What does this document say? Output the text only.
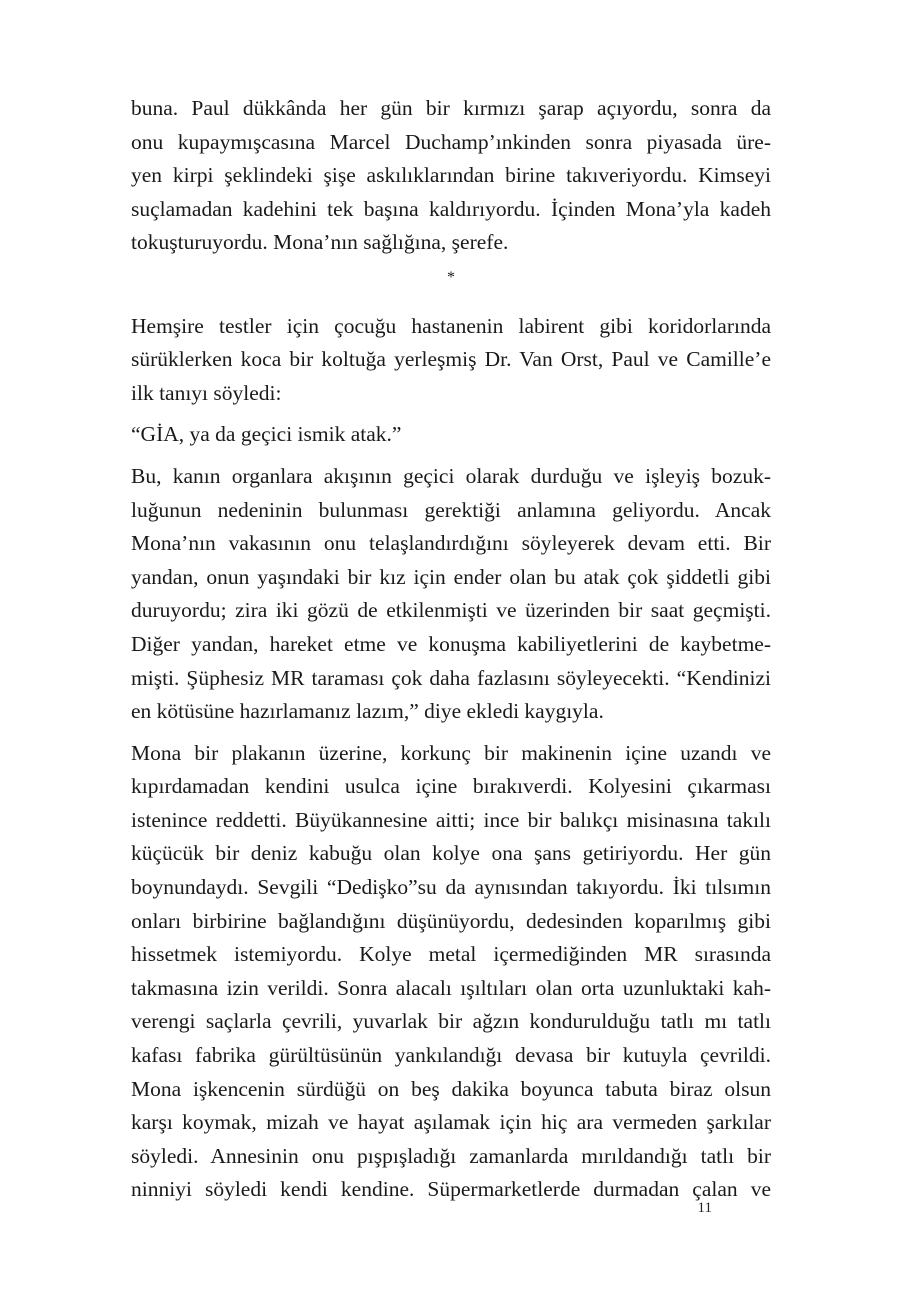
buna. Paul dükkânda her gün bir kırmızı şarap açıyordu, sonra da
onu kupaymışcasına Marcel Duchamp’ınkinden sonra piyasada üre-
yen kirpi şeklindeki şişe askılıklarından birine takıveriyordu. Kimseyi
suçlamadan kadehini tek başına kaldırıyordu. İçinden Mona’yla kadeh
tokuşturuyordu. Mona’nın sağlığına, şerefe.
*
Hemşire testler için çocuğu hastanenin labirent gibi koridorlarında
sürüklerken koca bir koltuğa yerleşmiş Dr. Van Orst, Paul ve Camille’e
ilk tanıyı söyledi:
“GİA, ya da geçici ismik atak.”
Bu, kanın organlara akışının geçici olarak durduğu ve işleyiş bozuk-
luğunun nedeninin bulunması gerektiği anlamına geliyordu. Ancak
Mona’nın vakasının onu telaşlandırdığını söyleyerek devam etti. Bir
yandan, onun yaşındaki bir kız için ender olan bu atak çok şiddetli gibi
duruyordu; zira iki gözü de etkilenmişti ve üzerinden bir saat geçmişti.
Diğer yandan, hareket etme ve konuşma kabiliyetlerini de kaybetme-
mişti. Şüphesiz MR taraması çok daha fazlasını söyleyecekti. “Kendinizi
en kötüsüne hazırlamanız lazım,” diye ekledi kaygıyla.
Mona bir plakanın üzerine, korkunç bir makinenin içine uzandı ve
kıpırdamadan kendini usulca içine bırakıverdi. Kolyesini çıkarması
istenince reddetti. Büyükannesine aitti; ince bir balıkçı misinasına takılı
küçücük bir deniz kabuğu olan kolye ona şans getiriyordu. Her gün
boynundaydı. Sevgili “Dedişko”su da aynısından takıyordu. İki tılsımın
onları birbirine bağlandığını düşünüyordu, dedesinden koparılmış gibi
hissetmek istemiyordu. Kolye metal içermediğinden MR sırasında
takmasına izin verildi. Sonra alacalı ışıltıları olan orta uzunluktaki kah-
verengi saçlarla çevrili, yuvarlak bir ağzın kondurulduğu tatlı mı tatlı
kafası fabrika gürültüsünün yankılandığı devasa bir kutuyla çevrildi.
Mona işkencenin sürdüğü on beş dakika boyunca tabuta biraz olsun
karşı koymak, mizah ve hayat aşılamak için hiç ara vermeden şarkılar
söyledi. Annesinin onu pışpışladığı zamanlarda mırıldandığı tatlı bir
ninniyi söyledi kendi kendine. Süpermarketlerde durmadan çalan ve
11
